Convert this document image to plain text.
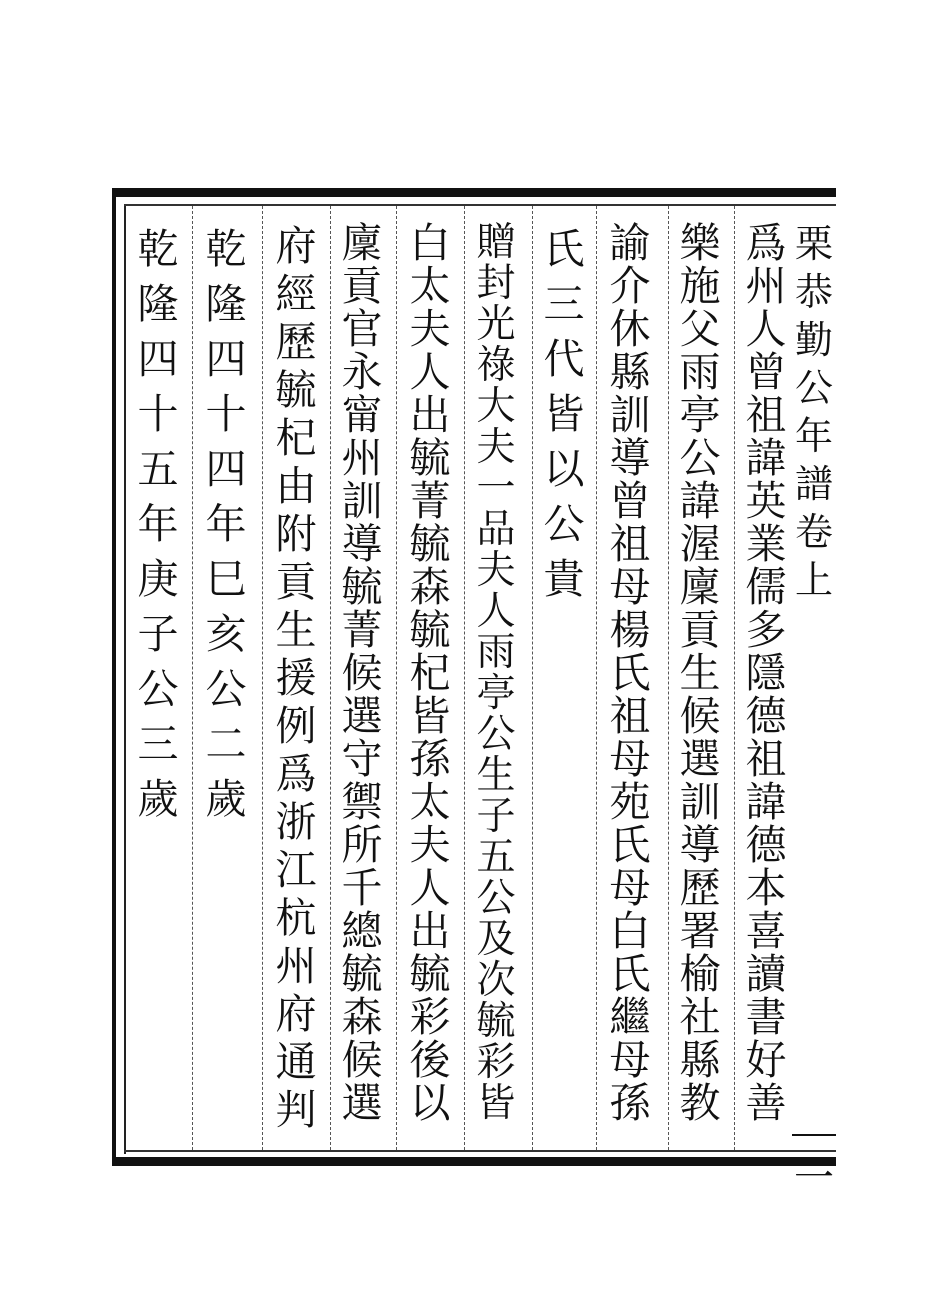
栗恭勤公年譜
卷上
一
爲州人曾祖諱英業儒多隱德祖諱德本喜讀書好善
樂施父雨亭公諱渥廩貢生候選訓導歷署榆社縣教
諭介休縣訓導曾祖母楊氏祖母苑氏母白氏繼母孫
氏三代皆以公貴
贈封光祿大夫一品夫人雨亭公生子五公及次毓彩皆
白太夫人出毓菁毓森毓杞皆孫太夫人出毓彩後以
廩貢官永甯州訓導毓菁候選守禦所千總毓森候選
府經歷毓杞由附貢生援例爲浙江杭州府通判
乾隆四十四年巳亥公二歲
乾隆四十五年庚子公三歲
